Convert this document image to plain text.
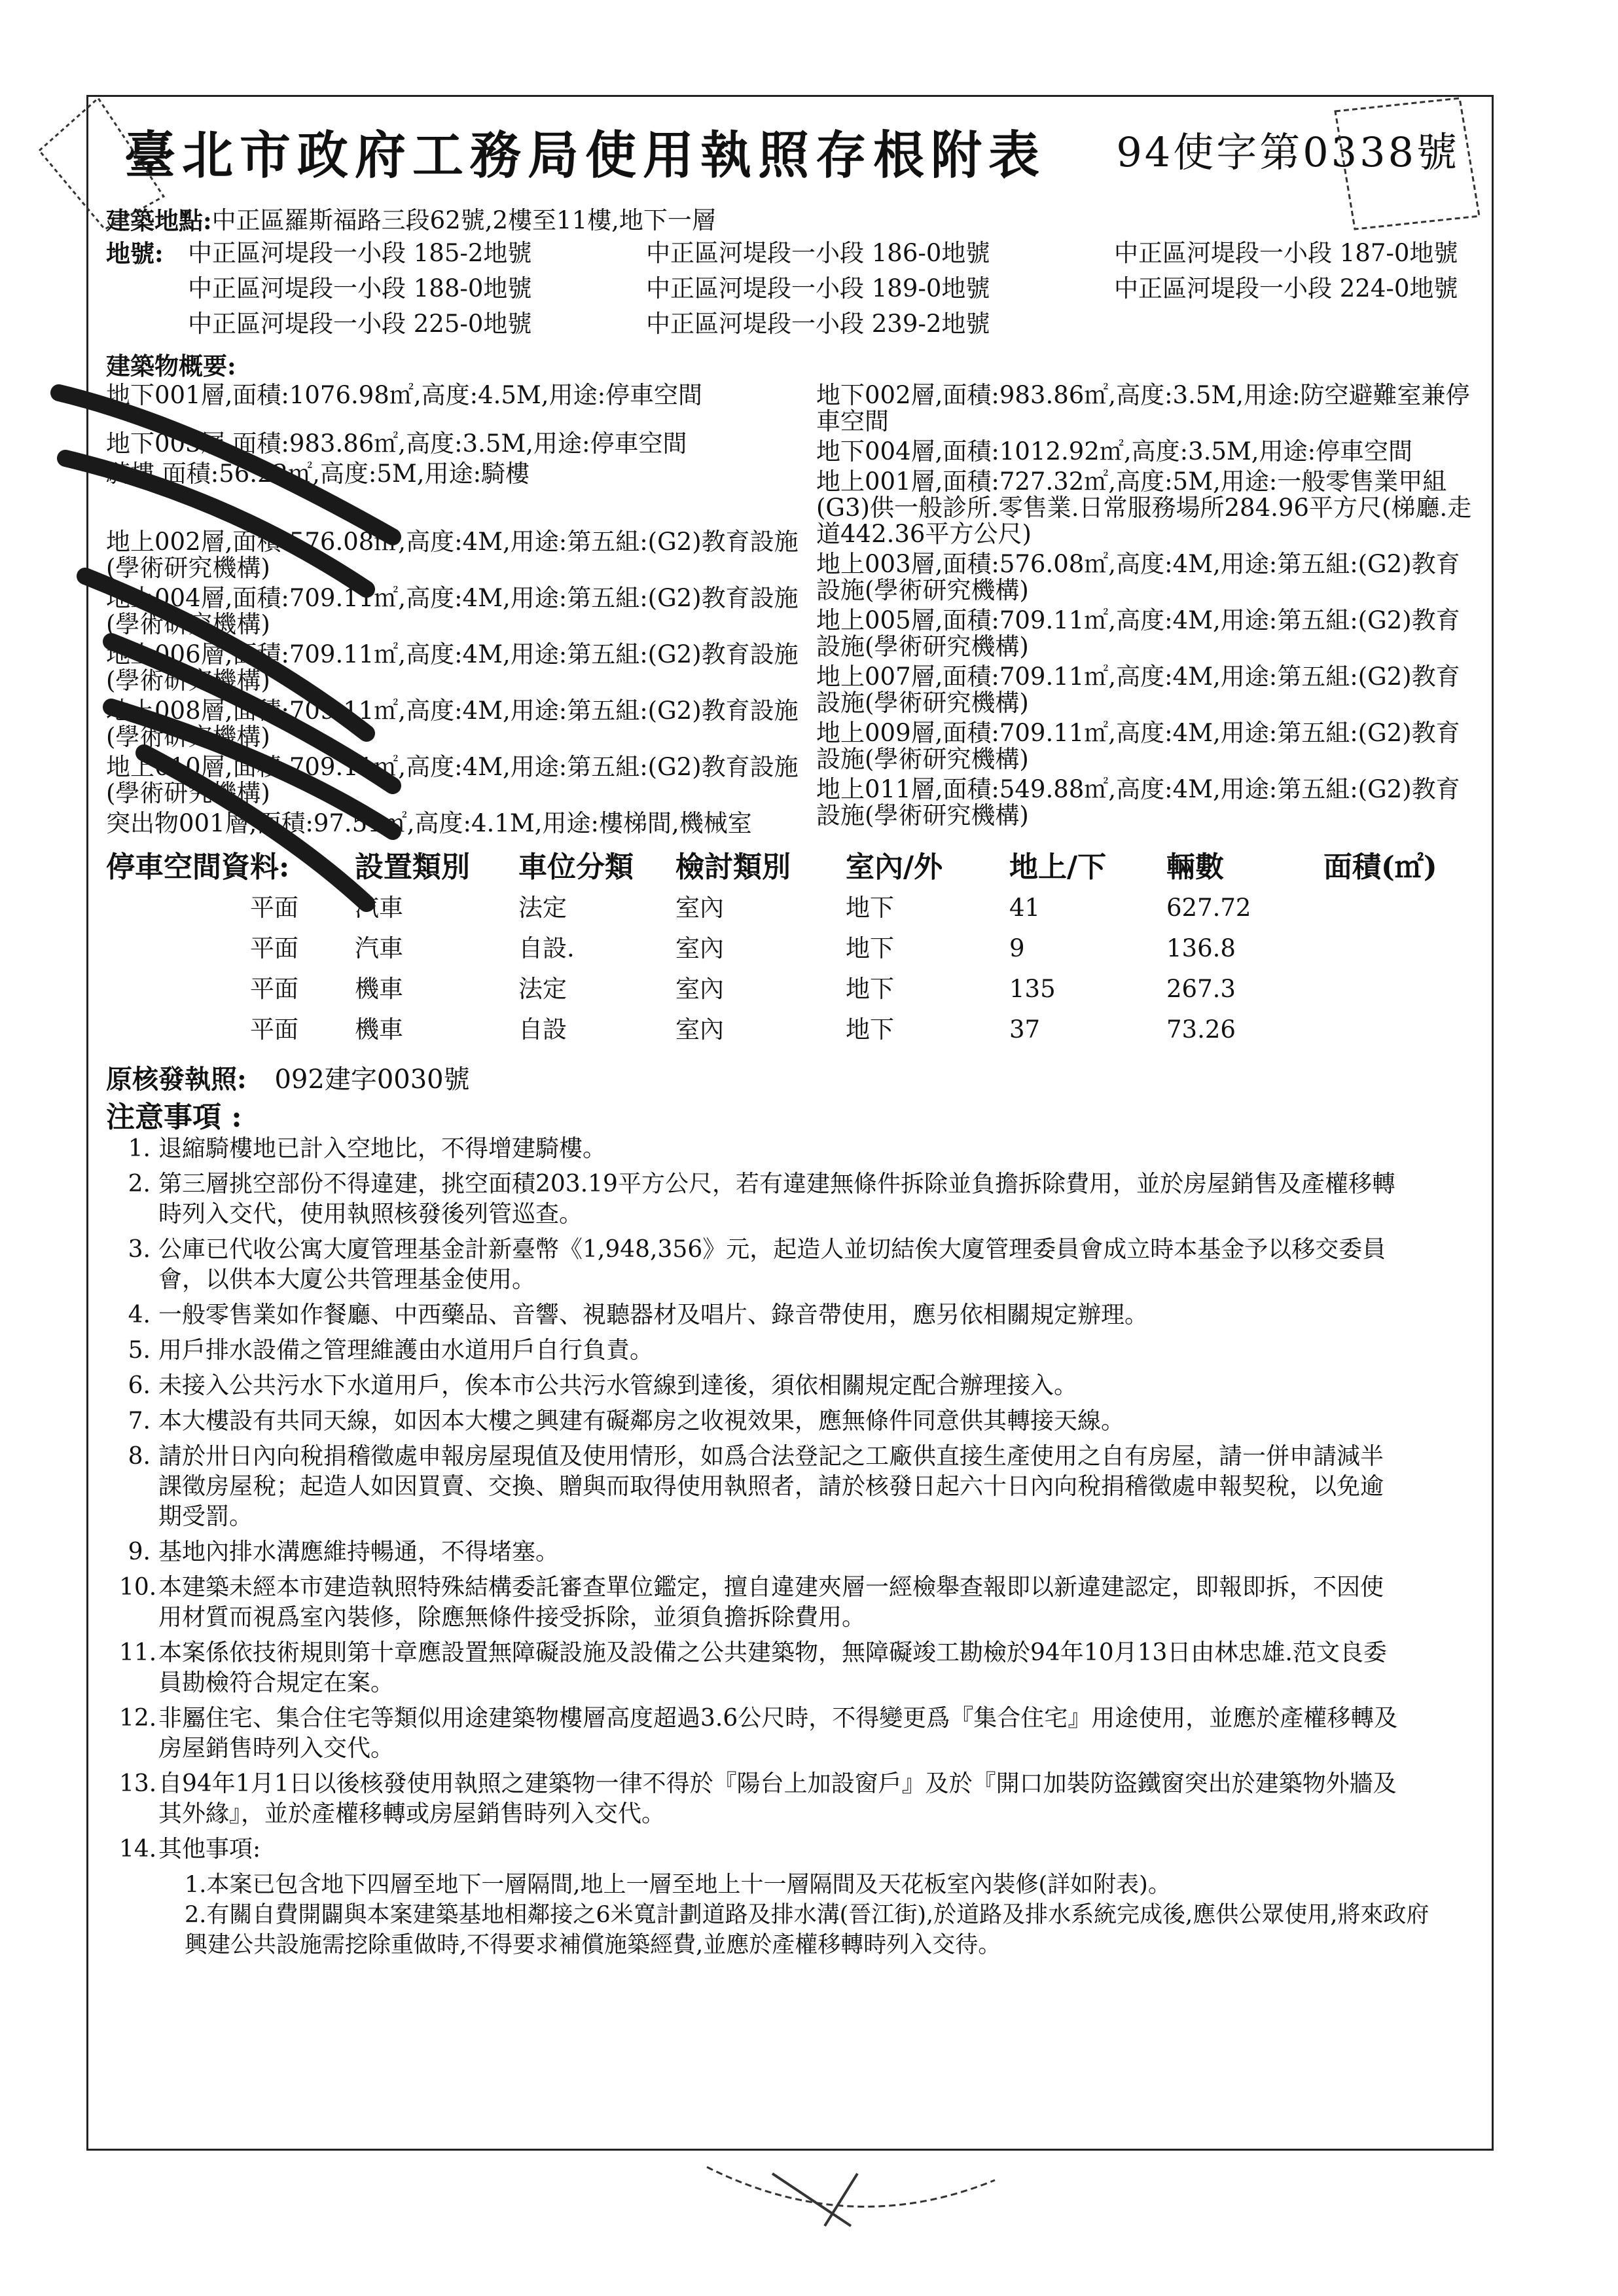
臺北市政府工務局使用執照存根附表 94使字第0338號
建築地點: 中正區羅斯福路三段62號,2樓至11樓,地下一層
地號:	中正區河堤段一小段 185-2地號	中正區河堤段一小段 186-0地號	中正區河堤段一小段 187-0地號
中正區河堤段一小段 188-0地號	中正區河堤段一小段 189-0地號	中正區河堤段一小段 224-0地號
中正區河堤段一小段 225-0地號	中正區河堤段一小段 239-2地號
建築物概要:
地下001層,面積:1076.98㎡,高度:4.5M,用途:停車空間
地下003層,面積:983.86㎡,高度:3.5M,用途:停車空間
騎樓,面積:56.22㎡,高度:5M,用途:騎樓
地上002層,面積:576.08㎡,高度:4M,用途:第五組:(G2)教育設施(學術研究機構)
地上004層,面積:709.11㎡,高度:4M,用途:第五組:(G2)教育設施(學術研究機構)
地上006層,面積:709.11㎡,高度:4M,用途:第五組:(G2)教育設施(學術研究機構)
地上008層,面積:709.11㎡,高度:4M,用途:第五組:(G2)教育設施(學術研究機構)
地上010層,面積:709.11㎡,高度:4M,用途:第五組:(G2)教育設施(學術研究機構)
突出物001層,面積:97.51㎡,高度:4.1M,用途:樓梯間,機械室
地下002層,面積:983.86㎡,高度:3.5M,用途:防空避難室兼停車空間
地下004層,面積:1012.92㎡,高度:3.5M,用途:停車空間
地上001層,面積:727.32㎡,高度:5M,用途:一般零售業甲組(G3)供一般診所.零售業.日常服務場所284.96平方尺(梯廳.走道442.36平方公尺)
地上003層,面積:576.08㎡,高度:4M,用途:第五組:(G2)教育設施(學術研究機構)
地上005層,面積:709.11㎡,高度:4M,用途:第五組:(G2)教育設施(學術研究機構)
地上007層,面積:709.11㎡,高度:4M,用途:第五組:(G2)教育設施(學術研究機構)
地上009層,面積:709.11㎡,高度:4M,用途:第五組:(G2)教育設施(學術研究機構)
地上011層,面積:549.88㎡,高度:4M,用途:第五組:(G2)教育設施(學術研究機構)
停車空間資料:	設置類別	車位分類	檢討類別	室內/外	地上/下	輛數	面積(㎡)
平面	汽車	法定	室內	地下	41	627.72
平面	汽車	自設.	室內	地下	9	136.8
平面	機車	法定	室內	地下	135	267.3
平面	機車	自設	室內	地下	37	73.26
原核發執照: 092建字0030號
注意事項 :
1. 退縮騎樓地已計入空地比，不得增建騎樓。
2. 第三層挑空部份不得違建，挑空面積203.19平方公尺，若有違建無條件拆除並負擔拆除費用，並於房屋銷售及產權移轉時列入交代，使用執照核發後列管巡查。
3. 公庫已代收公寓大廈管理基金計新臺幣《1,948,356》元，起造人並切結俟大廈管理委員會成立時本基金予以移交委員會，以供本大廈公共管理基金使用。
4. 一般零售業如作餐廳、中西藥品、音響、視聽器材及唱片、錄音帶使用，應另依相關規定辦理。
5. 用戶排水設備之管理維護由水道用戶自行負責。
6. 未接入公共污水下水道用戶，俟本市公共污水管線到達後，須依相關規定配合辦理接入。
7. 本大樓設有共同天線，如因本大樓之興建有礙鄰房之收視效果，應無條件同意供其轉接天線。
8. 請於卅日內向稅捐稽徵處申報房屋現值及使用情形，如爲合法登記之工廠供直接生產使用之自有房屋，請一併申請減半課徵房屋稅；起造人如因買賣、交換、贈與而取得使用執照者，請於核發日起六十日內向稅捐稽徵處申報契稅，以免逾期受罰。
9. 基地內排水溝應維持暢通，不得堵塞。
10. 本建築未經本市建造執照特殊結構委託審查單位鑑定，擅自違建夾層一經檢舉查報即以新違建認定，即報即拆，不因使用材質而視爲室內裝修，除應無條件接受拆除，並須負擔拆除費用。
11. 本案係依技術規則第十章應設置無障礙設施及設備之公共建築物，無障礙竣工勘檢於94年10月13日由林忠雄.范文良委員勘檢符合規定在案。
12. 非屬住宅、集合住宅等類似用途建築物樓層高度超過3.6公尺時，不得變更爲『集合住宅』用途使用，並應於產權移轉及房屋銷售時列入交代。
13. 自94年1月1日以後核發使用執照之建築物一律不得於『陽台上加設窗戶』及於『開口加裝防盜鐵窗突出於建築物外牆及其外緣』，並於產權移轉或房屋銷售時列入交代。
14. 其他事項:
1.本案已包含地下四層至地下一層隔間,地上一層至地上十一層隔間及天花板室內裝修(詳如附表)。
2.有關自費開闢與本案建築基地相鄰接之6米寬計劃道路及排水溝(晉江街),於道路及排水系統完成後,應供公眾使用,將來政府興建公共設施需挖除重做時,不得要求補償施築經費,並應於產權移轉時列入交待。
